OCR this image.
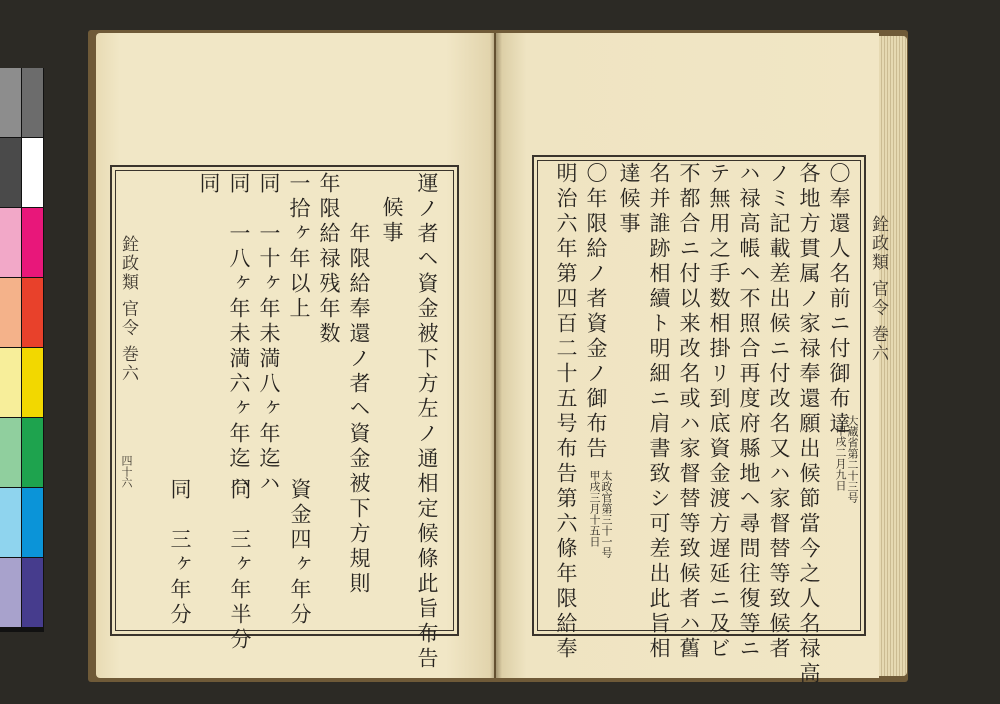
銓政類 官令 巻六
四十六	運ノ者ヘ資金被下方左ノ通相定候條此旨布告
候事
年限給奉還ノ者ヘ資金被下方規則
年限給禄残年数
一拾ヶ年以上
同　一十ヶ年未満八ヶ年迄ハ
同　一八ヶ年未満六ヶ年迄ハ
同
資金四ヶ年分
同　三ヶ年半分
同　三ヶ年分
銓政類 官令 巻六
〇奉還人名前ニ付御布達
大蔵省第二十三号
甲戌二月九日
各地方貫属ノ家禄奉還願出候節當今之人名禄高
ノミ記載差出候ニ付改名又ハ家督替等致候者
ハ禄高帳ヘ不照合再度府縣地ヘ尋問往復等ニ
テ無用之手数相掛リ到底資金渡方遅延ニ及ビ
不都合ニ付以来改名或ハ家督替等致候者ハ舊
名并誰跡相續ト明細ニ肩書致シ可差出此旨相
達候事
明治六年第四百二十五号布告第六條年限給奉 〇年限給ノ者資金ノ御布告
太政官第三十一号
甲戌三月十五日
